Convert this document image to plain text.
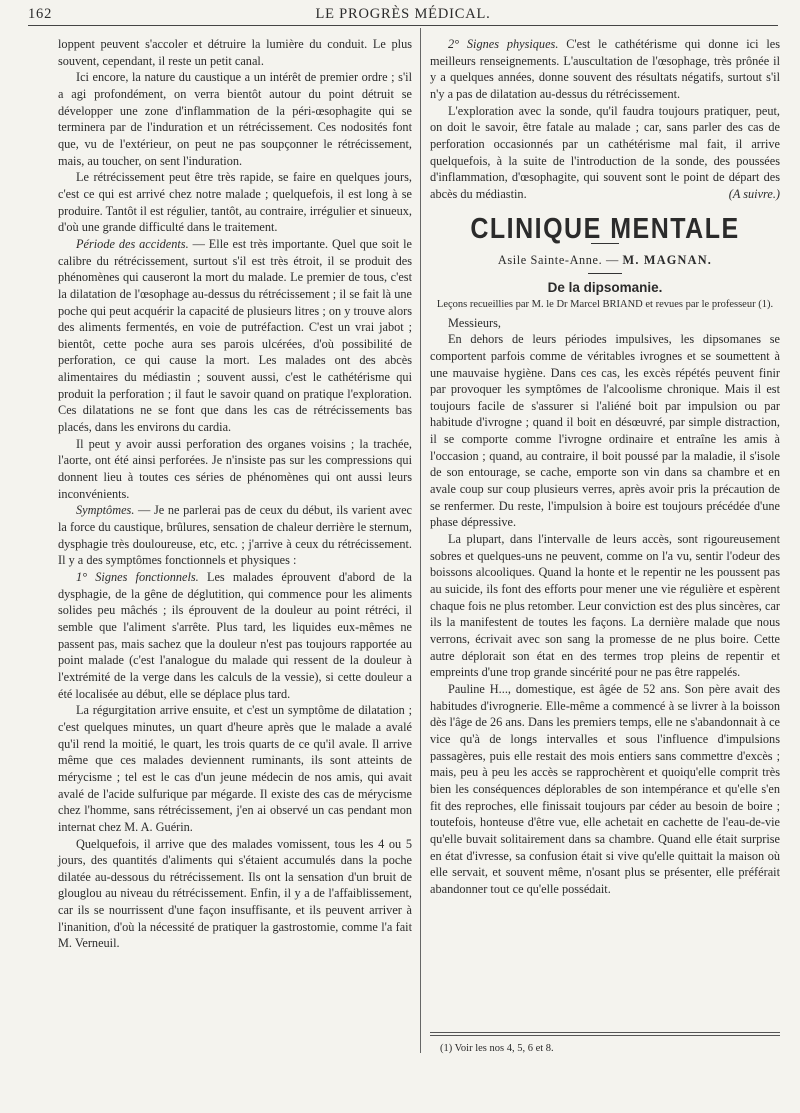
162	LE PROGRÈS MÉDICAL.

loppent peuvent s'accoler et détruire la lumière du conduit. Le plus souvent, cependant, il reste un petit canal.

Ici encore, la nature du caustique a un intérêt de premier ordre ; s'il a agi profondément, on verra bientôt autour du point détruit se développer une zone d'inflammation de la péri-œsophagite qui se terminera par de l'induration et un rétrécissement. Ces nodosités font que, vu de l'extérieur, on peut ne pas soupçonner le rétrécissement, mais, au toucher, on sent l'induration.

Le rétrécissement peut être très rapide, se faire en quelques jours, c'est ce qui est arrivé chez notre malade ; quelquefois, il est long à se produire. Tantôt il est régulier, tantôt, au contraire, irrégulier et sinueux, d'où une grande difficulté dans le traitement.

Période des accidents. — Elle est très importante. Quel que soit le calibre du rétrécissement, surtout s'il est très étroit, il se produit des phénomènes qui causeront la mort du malade. Le premier de tous, c'est la dilatation de l'œsophage au-dessus du rétrécissement ; il se fait là une poche qui peut acquérir la capacité de plusieurs litres ; on y trouve alors des aliments fermentés, en voie de putréfaction. C'est un vrai jabot ; bientôt, cette poche aura ses parois ulcérées, d'où possibilité de perforation, ce qui cause la mort. Les malades ont des abcès alimentaires du médiastin ; souvent aussi, c'est le cathétérisme qui produit la perforation ; il faut le savoir quand on pratique l'exploration. Ces dilatations ne se font que dans les cas de rétrécissements bas placés, dans les environs du cardia.

Il peut y avoir aussi perforation des organes voisins ; la trachée, l'aorte, ont été ainsi perforées. Je n'insiste pas sur les compressions qui donnent lieu à toutes ces séries de phénomènes qui ont aussi leurs inconvénients.

Symptômes. — Je ne parlerai pas de ceux du début, ils varient avec la force du caustique, brûlures, sensation de chaleur derrière le sternum, dysphagie très douloureuse, etc, etc. ; j'arrive à ceux du rétrécissement. Il y a des symptômes fonctionnels et physiques :

1° Signes fonctionnels. Les malades éprouvent d'abord de la dysphagie, de la gêne de déglutition, qui commence pour les aliments solides peu mâchés ; ils éprouvent de la douleur au point rétréci, il semble que l'aliment s'arrête. Plus tard, les liquides eux-mêmes ne passent pas, mais sachez que la douleur n'est pas toujours rapportée au point malade (c'est l'analogue du malade qui ressent de la douleur à l'extrémité de la verge dans les calculs de la vessie), si cette douleur a été localisée au début, elle se déplace plus tard.

La régurgitation arrive ensuite, et c'est un symptôme de dilatation ; c'est quelques minutes, un quart d'heure après que le malade a avalé qu'il rend la moitié, le quart, les trois quarts de ce qu'il avale. Il arrive même que ces malades deviennent ruminants, ils sont atteints de mérycisme ; tel est le cas d'un jeune médecin de nos amis, qui avait avalé de l'acide sulfurique par mégarde. Il existe des cas de mérycisme chez l'homme, sans rétrécissement, j'en ai observé un cas pendant mon internat chez M. A. Guérin.

Quelquefois, il arrive que des malades vomissent, tous les 4 ou 5 jours, des quantités d'aliments qui s'étaient accumulés dans la poche dilatée au-dessous du rétrécissement. Ils ont la sensation d'un bruit de glouglou au niveau du rétrécissement. Enfin, il y a de l'affaiblissement, car ils se nourrissent d'une façon insuffisante, et ils peuvent arriver à l'inanition, d'où la nécessité de pratiquer la gastrostomie, comme l'a fait M. Verneuil.

2° Signes physiques. C'est le cathétérisme qui donne ici les meilleurs renseignements. L'auscultation de l'œsophage, très prônée il y a quelques années, donne souvent des résultats négatifs, surtout s'il n'y a pas de dilatation au-dessus du rétrécissement.

L'exploration avec la sonde, qu'il faudra toujours pratiquer, peut, on doit le savoir, être fatale au malade ; car, sans parler des cas de perforation occasionnés par un cathétérisme mal fait, il arrive quelquefois, à la suite de l'introduction de la sonde, des poussées d'inflammation, d'œsophagite, qui souvent sont le point de départ des abcès du médiastin.	(A suivre.)

CLINIQUE MENTALE
Asile Sainte-Anne. — M. MAGNAN.
De la dipsomanie.
Leçons recueillies par M. le Dr Marcel BRIAND et revues par le professeur (1).

Messieurs,

En dehors de leurs périodes impulsives, les dipsomanes se comportent parfois comme de véritables ivrognes et se soumettent à une mauvaise hygiène. Dans ces cas, les excès répétés peuvent finir par provoquer les symptômes de l'alcoolisme chronique. Mais il est toujours facile de s'assurer si l'aliéné boit par impulsion ou par habitude d'ivrogne ; quand il boit en désœuvré, par simple distraction, il se comporte comme l'ivrogne ordinaire et entraîne les amis à l'occasion ; quand, au contraire, il boit poussé par la maladie, il s'isole de son entourage, se cache, emporte son vin dans sa chambre et en avale coup sur coup plusieurs verres, après avoir pris la précaution de se renfermer. Du reste, l'impulsion à boire est toujours précédée d'une phase dépressive.

La plupart, dans l'intervalle de leurs accès, sont rigoureusement sobres et quelques-uns ne peuvent, comme on l'a vu, sentir l'odeur des boissons alcooliques. Quand la honte et le repentir ne les poussent pas au suicide, ils font des efforts pour mener une vie régulière et espèrent chaque fois ne plus retomber. Leur conviction est des plus sincères, car ils la manifestent de toutes les façons. La dernière malade que nous verrons, écrivait avec son sang la promesse de ne plus boire. Cette autre déplorait son état en des termes trop pleins de repentir et empreints d'une trop grande sincérité pour ne pas être rappelés.

Pauline H..., domestique, est âgée de 52 ans. Son père avait des habitudes d'ivrognerie. Elle-même a commencé à se livrer à la boisson dès l'âge de 26 ans. Dans les premiers temps, elle ne s'abandonnait à ce vice qu'à de longs intervalles et sous l'influence d'impulsions passagères, puis elle restait des mois entiers sans commettre d'excès ; mais, peu à peu les accès se rapprochèrent et quoiqu'elle comprit très bien les conséquences déplorables de son intempérance et qu'elle s'en fit des reproches, elle finissait toujours par céder au besoin de boire ; toutefois, honteuse d'être vue, elle achetait en cachette de l'eau-de-vie qu'elle buvait solitairement dans sa chambre. Quand elle était surprise en état d'ivresse, sa confusion était si vive qu'elle quittait la maison où elle servait, et souvent même, n'osant plus se présenter, elle préférait abandonner tout ce qu'elle possédait.

(1) Voir les nos 4, 5, 6 et 8.
